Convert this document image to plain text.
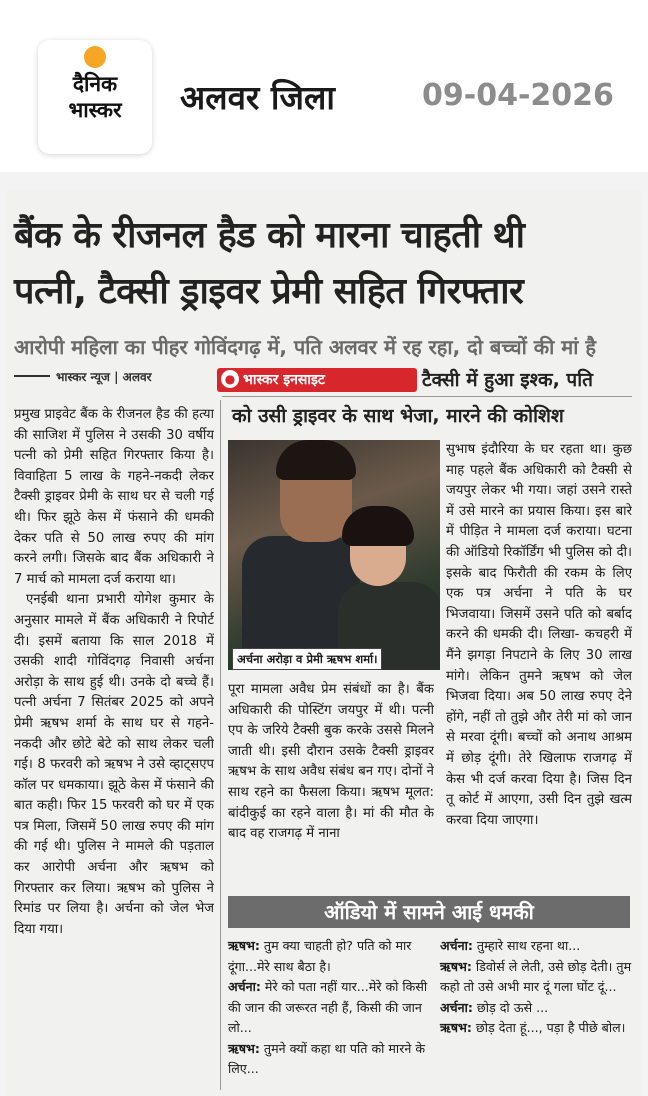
दैनिक
भास्कर	अलवर जिला	09-04-2026
बैंक के रीजनल हैड को मारना चाहती थी
पत्नी, टैक्सी ड्राइवर प्रेमी सहित गिरफ्तार
आरोपी महिला का पीहर गोविंदगढ़ में, पति अलवर में रह रहा, दो बच्चों की मां है
भास्कर न्यूज | अलवर	● भास्कर इनसाइट	टैक्सी में हुआ इश्क, पति
को उसी ड्राइवर के साथ भेजा, मारने की कोशिश

प्रमुख प्राइवेट बैंक के रीजनल हैड की हत्या की साजिश में पुलिस ने उसकी 30 वर्षीय पत्नी को प्रेमी सहित गिरफ्तार किया है। विवाहिता 5 लाख के गहने-नकदी लेकर टैक्सी ड्राइवर प्रेमी के साथ घर से चली गई थी। फिर झूठे केस में फंसाने की धमकी देकर पति से 50 लाख रुपए की मांग करने लगी। जिसके बाद बैंक अधिकारी ने 7 मार्च को मामला दर्ज कराया था।

एनईबी थाना प्रभारी योगेश कुमार के अनुसार मामले में बैंक अधिकारी ने रिपोर्ट दी। इसमें बताया कि साल 2018 में उसकी शादी गोविंदगढ़ निवासी अर्चना अरोड़ा के साथ हुई थी। उनके दो बच्चे हैं। पत्नी अर्चना 7 सितंबर 2025 को अपने प्रेमी ऋषभ शर्मा के साथ घर से गहने-नकदी और छोटे बेटे को साथ लेकर चली गई। 8 फरवरी को ऋषभ ने उसे व्हाट्सएप कॉल पर धमकाया। झूठे केस में फंसाने की बात कही। फिर 15 फरवरी को घर में एक पत्र मिला, जिसमें 50 लाख रुपए की मांग की गई थी। पुलिस ने मामले की पड़ताल कर आरोपी अर्चना और ऋषभ को गिरफ्तार कर लिया। ऋषभ को पुलिस ने रिमांड पर लिया है। अर्चना को जेल भेज दिया गया।

अर्चना अरोड़ा व प्रेमी ऋषभ शर्मा।

पूरा मामला अवैध प्रेम संबंधों का है। बैंक अधिकारी की पोस्टिंग जयपुर में थी। पत्नी एप के जरिये टैक्सी बुक करके उससे मिलने जाती थी। इसी दौरान उसके टैक्सी ड्राइवर ऋषभ के साथ अवैध संबंध बन गए। दोनों ने साथ रहने का फैसला किया। ऋषभ मूलत: बांदीकुई का रहने वाला है। मां की मौत के बाद वह राजगढ़ में नाना

सुभाष इंदौरिया के घर रहता था। कुछ माह पहले बैंक अधिकारी को टैक्सी से जयपुर लेकर भी गया। जहां उसने रास्ते में उसे मारने का प्रयास किया। इस बारे में पीड़ित ने मामला दर्ज कराया। घटना की ऑडियो रिकॉर्डिंग भी पुलिस को दी। इसके बाद फिरौती की रकम के लिए एक पत्र अर्चना ने पति के घर भिजवाया। जिसमें उसने पति को बर्बाद करने की धमकी दी। लिखा- कचहरी में मैंने झगड़ा निपटाने के लिए 30 लाख मांगे। लेकिन तुमने ऋषभ को जेल भिजवा दिया। अब 50 लाख रुपए देने होंगे, नहीं तो तुझे और तेरी मां को जान से मरवा दूंगी। बच्चों को अनाथ आश्रम में छोड़ दूंगी। तेरे खिलाफ राजगढ़ में केस भी दर्ज करवा दिया है। जिस दिन तू कोर्ट में आएगा, उसी दिन तुझे खत्म करवा दिया जाएगा।

ऑडियो में सामने आई धमकी
ऋषभ: तुम क्या चाहती हो? पति को मार दूंगा...मेरे साथ बैठा है।
अर्चना: मेरे को पता नहीं यार...मेरे को किसी की जान की जरूरत नही हैं, किसी की जान लो...
ऋषभ: तुमने क्यों कहा था पति को मारने के लिए...
अर्चना: तुम्हारे साथ रहना था...
ऋषभ: डिवोर्स ले लेती, उसे छोड़ देती। तुम कहो तो उसे अभी मार दूं गला घोंट दूं...
अर्चना: छोड़ दो ऊसे ...
ऋषभ: छोड़ देता हूं..., पड़ा है पीछे बोल।
